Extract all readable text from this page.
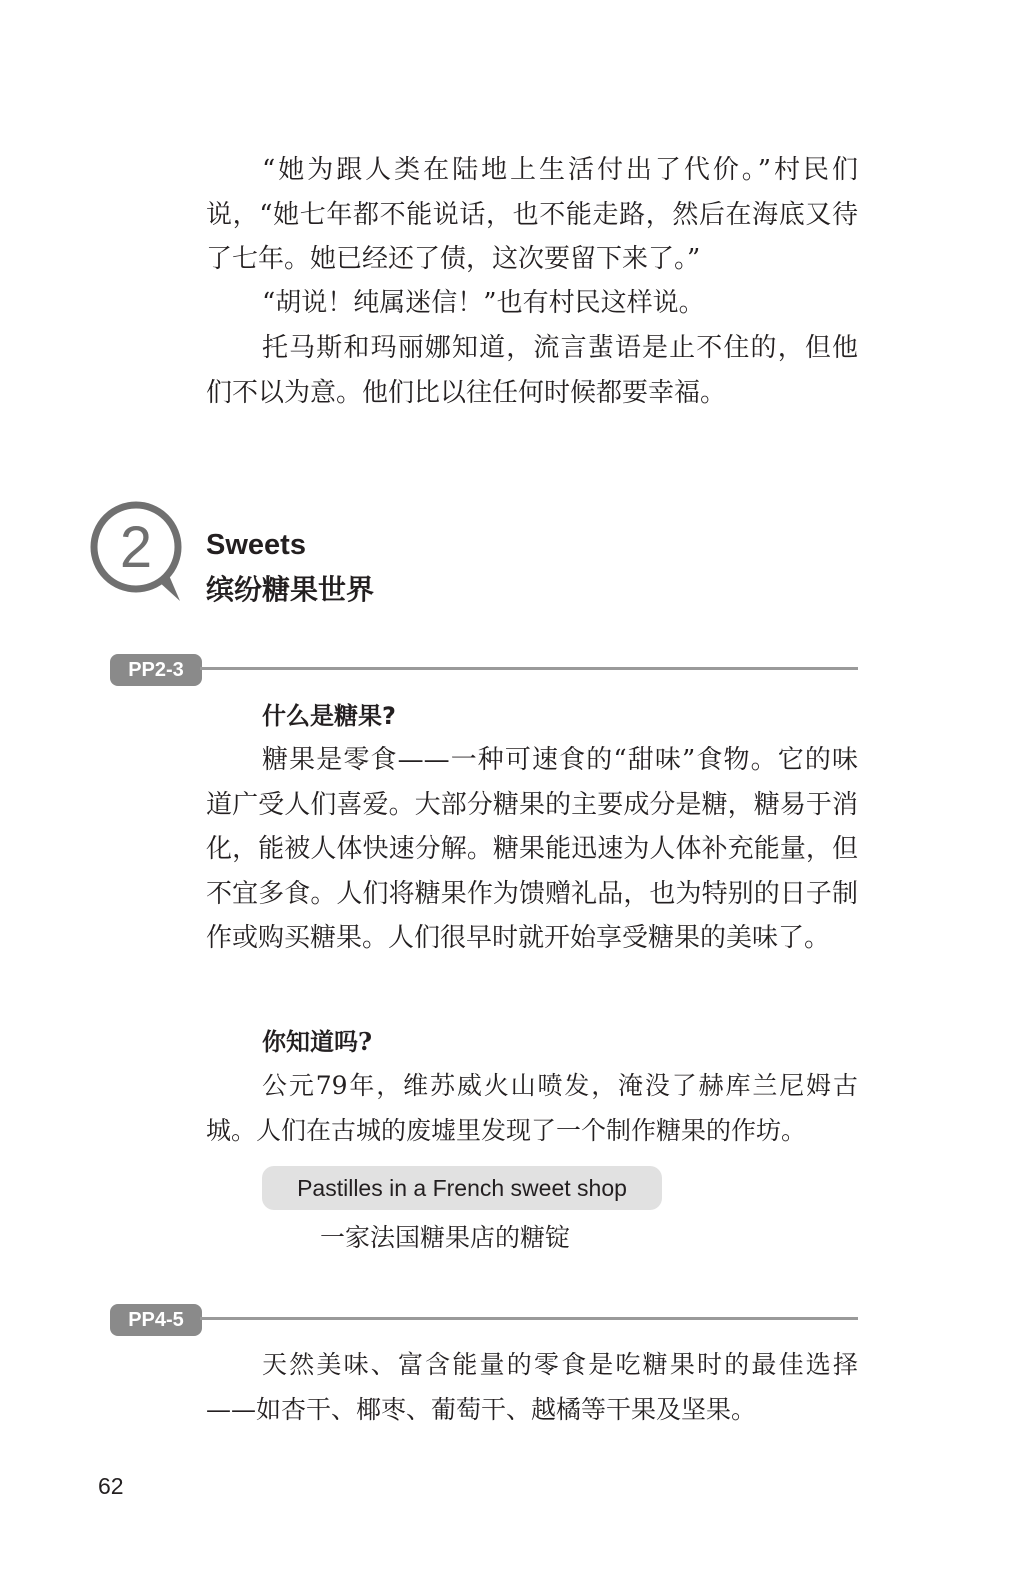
“她为跟人类在陆地上生活付出了代价。”村民们说，“她七年都不能说话，也不能走路，然后在海底又待了七年。她已经还了债，这次要留下来了。”

“胡说！纯属迷信！”也有村民这样说。

托马斯和玛丽娜知道，流言蜚语是止不住的，但他们不以为意。他们比以往任何时候都要幸福。

2 Sweets
缤纷糖果世界
PP2-3
什么是糖果?

糖果是零食——一种可速食的“甜味”食物。它的味道广受人们喜爱。大部分糖果的主要成分是糖，糖易于消化，能被人体快速分解。糖果能迅速为人体补充能量，但不宜多食。人们将糖果作为馈赠礼品，也为特别的日子制作或购买糖果。人们很早时就开始享受糖果的美味了。

你知道吗?

公元79年，维苏威火山喷发，淹没了赫库兰尼姆古城。人们在古城的废墟里发现了一个制作糖果的作坊。

Pastilles in a French sweet shop

一家法国糖果店的糖锭

PP4-5

天然美味、富含能量的零食是吃糖果时的最佳选择——如杏干、椰枣、葡萄干、越橘等干果及坚果。

62
